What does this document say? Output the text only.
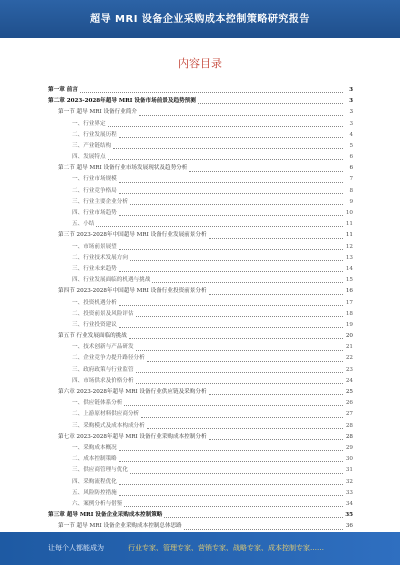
超导 MRI 设备企业采购成本控制策略研究报告
内容目录
第一章 前言	3
第二章 2023-2028年超导 MRI 设备市场前景及趋势预测	3
第一节 超导 MRI 设备行业简介	3
一、行业界定	3
二、行业发展历程	4
三、产业链结构	5
四、发展特点	6
第二节 超导 MRI 设备行业市场发展现状及趋势分析	6
一、行业市场规模	7
二、行业竞争格局	8
三、行业主要企业分析	9
四、行业市场趋势	10
五、小结	11
第三节 2023-2028年中国超导 MRI 设备行业发展前景分析	11
一、市场前景展望	12
二、行业技术发展方向	13
三、行业未来趋势	14
四、行业发展面临的机遇与挑战	15
第四节 2023-2028年中国超导 MRI 设备行业投资前景分析	16
一、投资机遇分析	17
二、投资前景及风险评估	18
三、行业投资建议	19
第五节 行业发展面临的挑战	20
一、技术创新与产品研发	21
二、企业竞争力提升路径分析	22
三、政府政策与行业监管	23
四、市场供求及价格分析	24
第六章 2023-2028年超导 MRI 设备行业供应链及采购分析	25
一、供应链体系分析	26
二、上游原材料供应商分析	27
三、采购模式及成本构成分析	28
第七章 2023-2028年超导 MRI 设备行业采购成本控制分析	28
一、采购成本概况	29
二、成本控制策略	30
三、供应商管理与优化	31
四、采购流程优化	32
五、风险防控措施	33
六、案例分析与借鉴	34
第三章 超导 MRI 设备企业采购成本控制策略	35
第一节 超导 MRI 设备企业采购成本控制总体思路	36
让每个人都能成为	行业专家、管理专家、营销专家、战略专家、成本控制专家……
